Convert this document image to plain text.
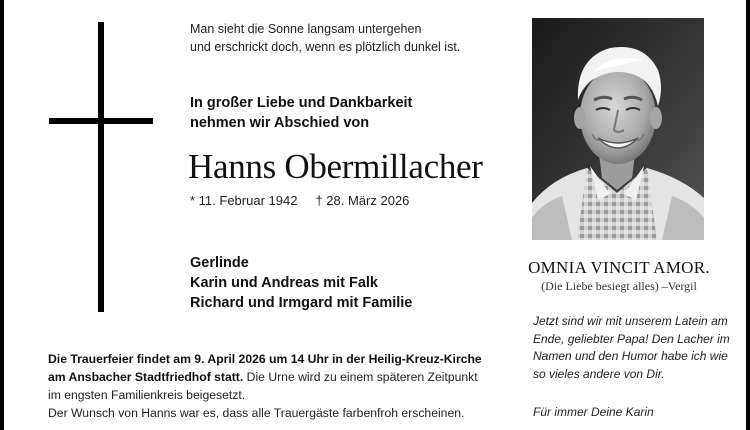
Man sieht die Sonne langsam untergehen
und erschrickt doch, wenn es plötzlich dunkel ist.
In großer Liebe und Dankbarkeit
nehmen wir Abschied von
Hanns Obermillacher
* 11. Februar 1942 † 28. März 2026
Gerlinde
Karin und Andreas mit Falk
Richard und Irmgard mit Familie
Die Trauerfeier findet am 9. April 2026 um 14 Uhr in der Heilig-Kreuz-Kirche am Ansbacher Stadtfriedhof statt. Die Urne wird zu einem späteren Zeitpunkt im engsten Familienkreis beigesetzt.
Der Wunsch von Hanns war es, dass alle Trauergäste farbenfroh erscheinen.
OMNIA VINCIT AMOR.
(Die Liebe besiegt alles) –Vergil
Jetzt sind wir mit unserem Latein am Ende, geliebter Papa! Den Lacher im Namen und den Humor habe ich wie so vieles andere von Dir.
Für immer Deine Karin
